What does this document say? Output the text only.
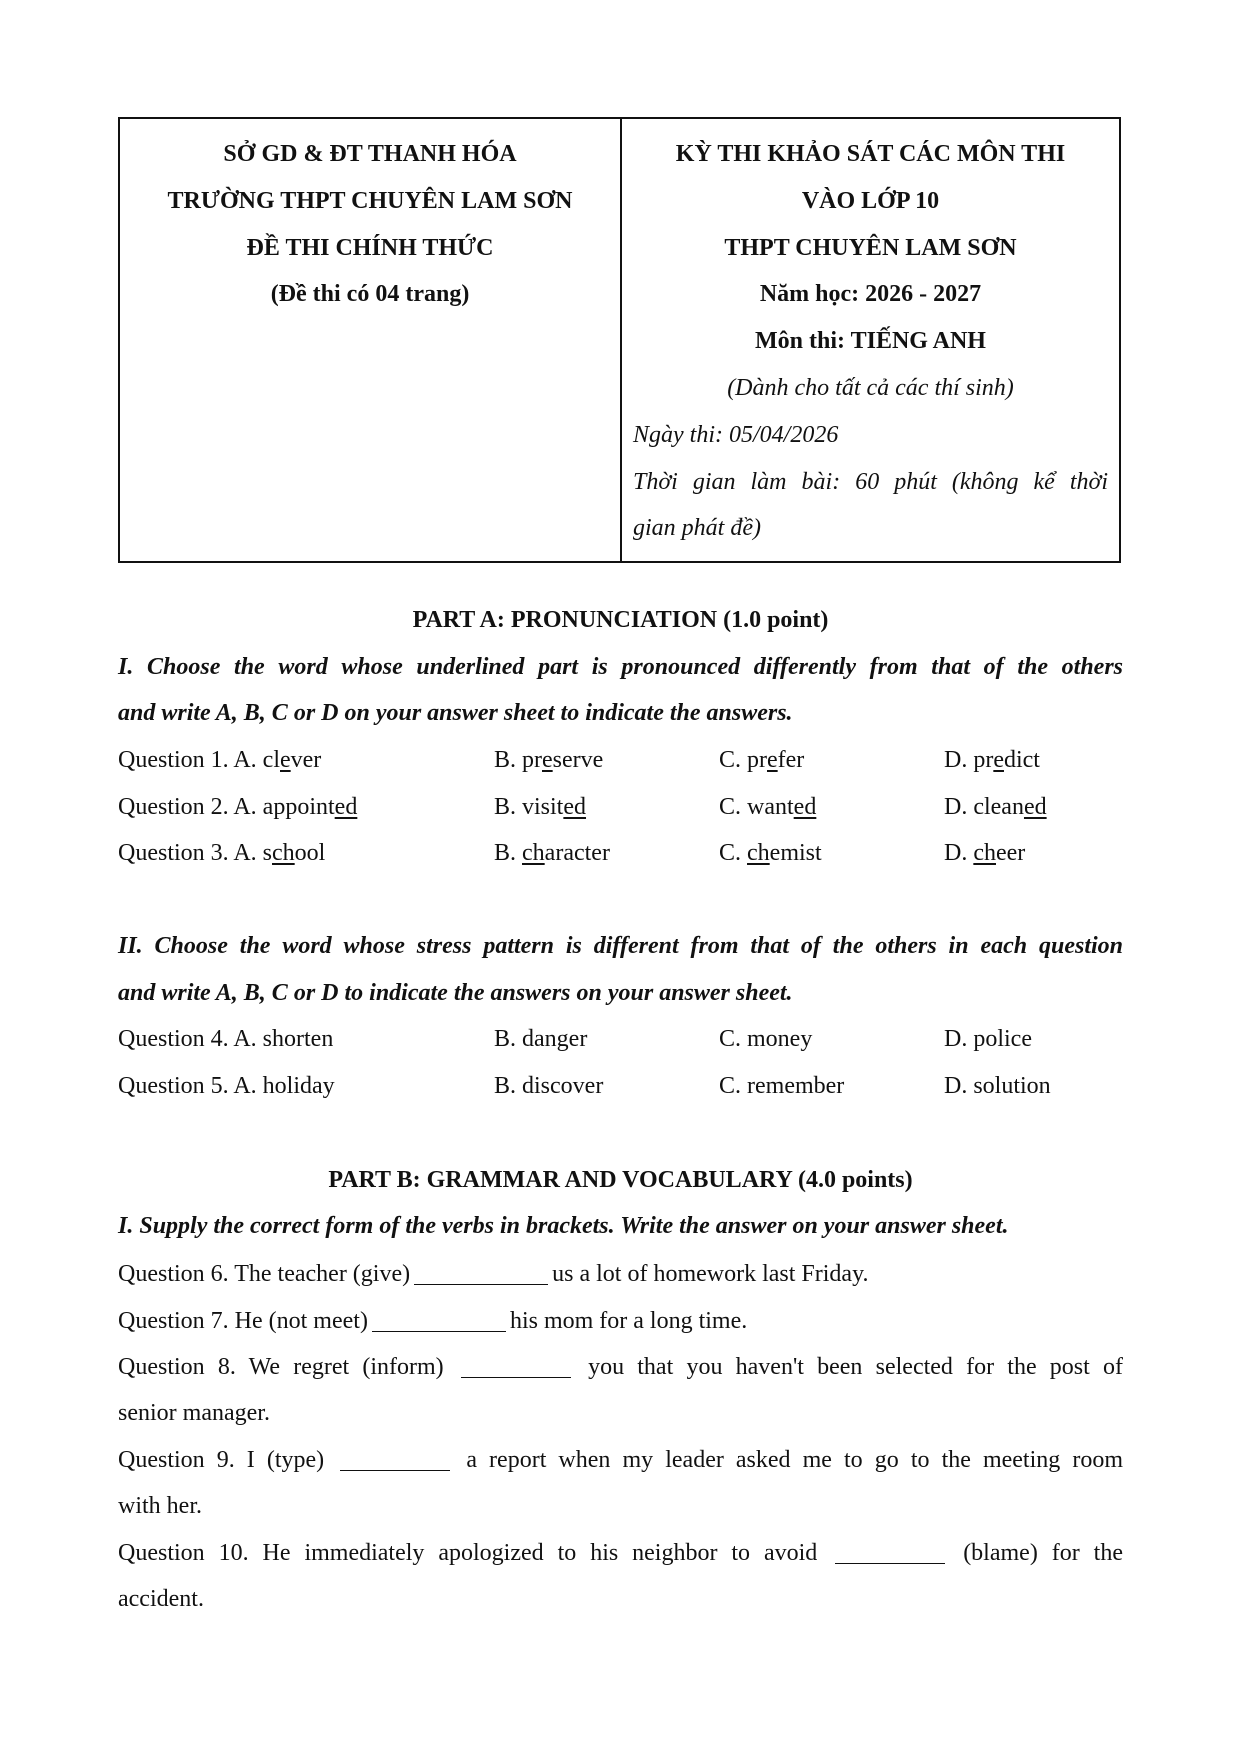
SỞ GD & ĐT THANH HÓA
TRƯỜNG THPT CHUYÊN LAM SƠN
ĐỀ THI CHÍNH THỨC
(Đề thi có 04 trang)
KỲ THI KHẢO SÁT CÁC MÔN THI
VÀO LỚP 10
THPT CHUYÊN LAM SƠN
Năm học: 2026 - 2027
Môn thi: TIẾNG ANH
(Dành cho tất cả các thí sinh)
Ngày thi: 05/04/2026
Thời gian làm bài: 60 phút (không kể thời
gian phát đề)
PART A: PRONUNCIATION (1.0 point)
I. Choose the word whose underlined part is pronounced differently from that of the others
and write A, B, C or D on your answer sheet to indicate the answers.
Question 1. A. clever	B. preserve	C. prefer	D. predict
Question 2. A. appointed	B. visited	C. wanted	D. cleaned
Question 3. A. school	B. character	C. chemist	D. cheer
II. Choose the word whose stress pattern is different from that of the others in each question
and write A, B, C or D to indicate the answers on your answer sheet.
Question 4. A. shorten	B. danger	C. money	D. police
Question 5. A. holiday	B. discover	C. remember	D. solution
PART B: GRAMMAR AND VOCABULARY (4.0 points)
I. Supply the correct form of the verbs in brackets. Write the answer on your answer sheet.
Question 6. The teacher (give)	us a lot of homework last Friday.
Question 7. He (not meet)	his mom for a long time.
Question 8. We regret (inform)	you that you haven't been selected for the post of
senior manager.
Question 9. I (type)	a report when my leader asked me to go to the meeting room
with her.
Question 10. He immediately apologized to his neighbor to avoid	(blame) for the
accident.
